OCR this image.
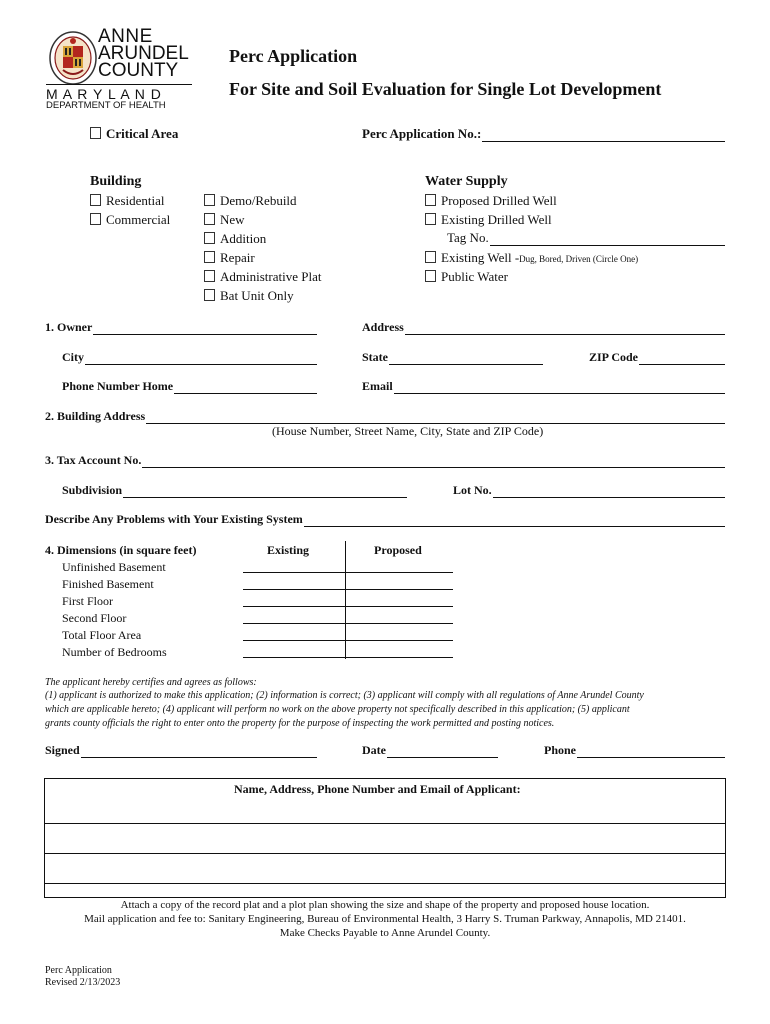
ANNE
ARUNDEL
COUNTY
M A R Y L A N D
DEPARTMENT OF HEALTH
Perc Application
For Site and Soil Evaluation for Single Lot Development
Critical Area	Perc Application No.:
Building
Residential
Commercial
Demo/Rebuild
New
Addition
Repair
Administrative Plat
Bat Unit Only
Water Supply
Proposed Drilled Well
Existing Drilled Well
Tag No.
Existing Well -Dug, Bored, Driven (Circle One)
Public Water
1. Owner	Address
City	State	ZIP Code
Phone Number Home	Email
2. Building Address
(House Number, Street Name, City, State and ZIP Code)
3. Tax Account No.
Subdivision	Lot No.
Describe Any Problems with Your Existing System
4. Dimensions (in square feet)	Existing	Proposed
Unfinished Basement
Finished Basement
First Floor
Second Floor
Total Floor Area
Number of Bedrooms
The applicant hereby certifies and agrees as follows:
(1) applicant is authorized to make this application; (2) information is correct; (3) applicant will comply with all regulations of Anne Arundel County
which are applicable hereto; (4) applicant will perform no work on the above property not specifically described in this application; (5) applicant
grants county officials the right to enter onto the property for the purpose of inspecting the work permitted and posting notices.
Signed	Date	Phone
Name, Address, Phone Number and Email of Applicant:
Attach a copy of the record plat and a plot plan showing the size and shape of the property and proposed house location.
Mail application and fee to: Sanitary Engineering, Bureau of Environmental Health, 3 Harry S. Truman Parkway, Annapolis, MD 21401.
Make Checks Payable to Anne Arundel County.
Perc Application
Revised 2/13/2023
